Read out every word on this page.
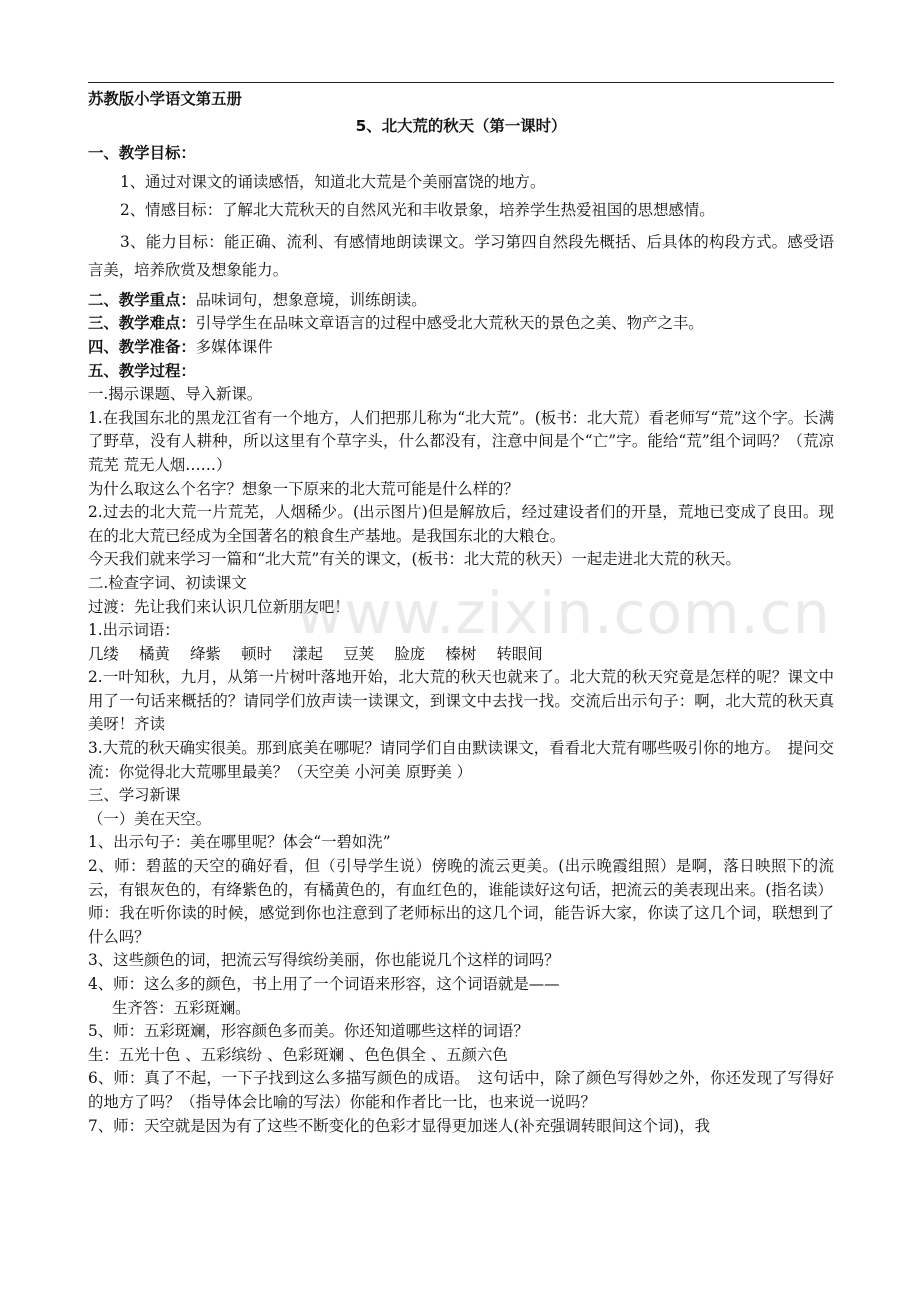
苏教版小学语文第五册
5、北大荒的秋天（第一课时）
一、教学目标：
1、通过对课文的诵读感悟，知道北大荒是个美丽富饶的地方。
2、情感目标：了解北大荒秋天的自然风光和丰收景象，培养学生热爱祖国的思想感情。
3、能力目标：能正确、流利、有感情地朗读课文。学习第四自然段先概括、后具体的构段方式。感受语言美，培养欣赏及想象能力。
二、教学重点：品味词句，想象意境，训练朗读。
三、教学难点：引导学生在品味文章语言的过程中感受北大荒秋天的景色之美、物产之丰。
四、教学准备：多媒体课件
五、教学过程：
一.揭示课题、导入新课。
1.在我国东北的黑龙江省有一个地方，人们把那儿称为“北大荒”。(板书：北大荒）看老师写“荒”这个字。长满了野草，没有人耕种，所以这里有个草字头，什么都没有，注意中间是个“亡”字。能给“荒”组个词吗？（荒凉荒芜 荒无人烟……）
为什么取这么个名字？想象一下原来的北大荒可能是什么样的？
2.过去的北大荒一片荒芜，人烟稀少。(出示图片)但是解放后，经过建设者们的开垦，荒地已变成了良田。现在的北大荒已经成为全国著名的粮食生产基地。是我国东北的大粮仓。
今天我们就来学习一篇和“北大荒”有关的课文，(板书：北大荒的秋天）一起走进北大荒的秋天。
二.检查字词、初读课文
过渡：先让我们来认识几位新朋友吧！
1.出示词语：
几缕　 橘黄　 绛紫　 顿时　 漾起　 豆荚　 脸庞　 榛树　 转眼间
2.一叶知秋，九月，从第一片树叶落地开始，北大荒的秋天也就来了。北大荒的秋天究竟是怎样的呢？课文中用了一句话来概括的？请同学们放声读一读课文，到课文中去找一找。交流后出示句子：啊，北大荒的秋天真美呀！齐读
3.大荒的秋天确实很美。那到底美在哪呢？请同学们自由默读课文，看看北大荒有哪些吸引你的地方。　提问交流：你觉得北大荒哪里最美？（天空美 小河美 原野美 ）
三、学习新课
（一）美在天空。
1、出示句子：美在哪里呢？体会“一碧如洗”
2、师：碧蓝的天空的确好看，但（引导学生说）傍晚的流云更美。(出示晚霞组照）是啊，落日映照下的流云，有银灰色的，有绛紫色的，有橘黄色的，有血红色的，谁能读好这句话，把流云的美表现出来。(指名读）
师：我在听你读的时候，感觉到你也注意到了老师标出的这几个词，能告诉大家，你读了这几个词，联想到了什么吗？
3、这些颜色的词，把流云写得缤纷美丽，你也能说几个这样的词吗？
4、师：这么多的颜色，书上用了一个词语来形容，这个词语就是——
生齐答：五彩斑斓。
5、师：五彩斑斓，形容颜色多而美。你还知道哪些这样的词语？
生：五光十色 、五彩缤纷 、色彩斑斓 、色色俱全 、五颜六色
6、师：真了不起，一下子找到这么多描写颜色的成语。　这句话中，除了颜色写得妙之外，你还发现了写得好的地方了吗？（指导体会比喻的写法）你能和作者比一比，也来说一说吗？
7、师：天空就是因为有了这些不断变化的色彩才显得更加迷人(补充强调转眼间这个词)，我
www.zixin.com.cn
